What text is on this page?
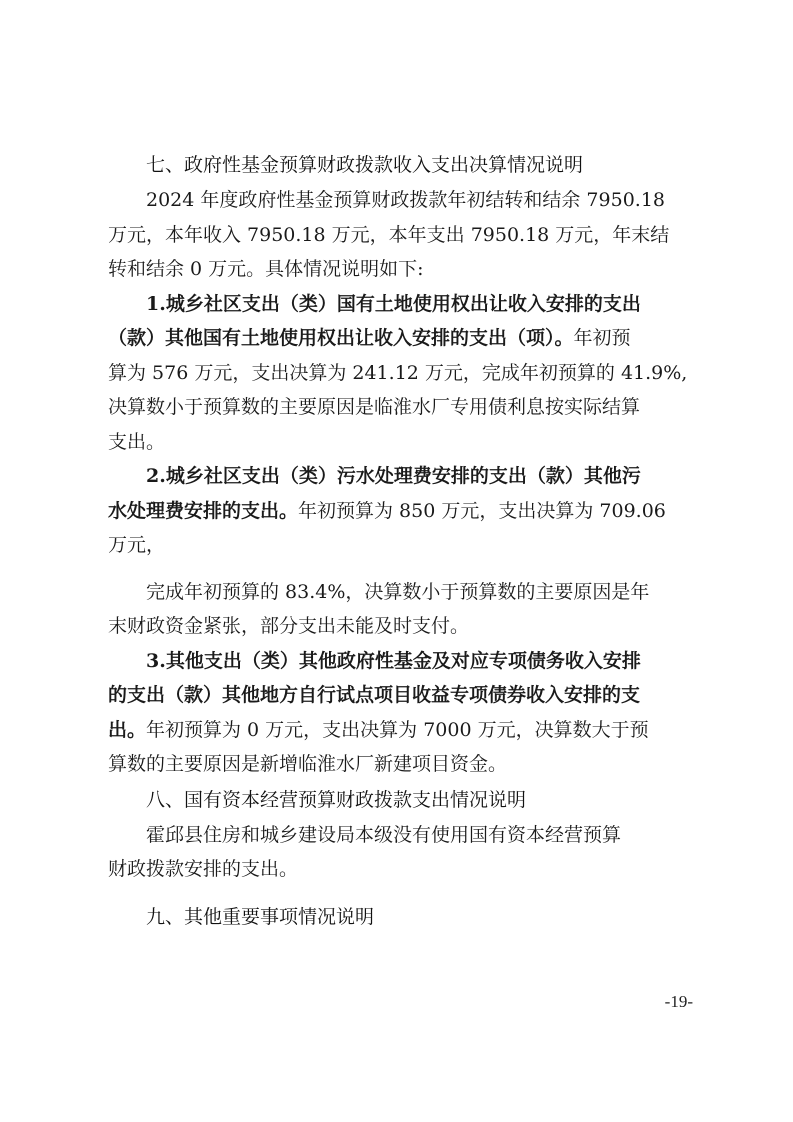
七、政府性基金预算财政拨款收入支出决算情况说明

2024 年度政府性基金预算财政拨款年初结转和结余 7950.18
万元，本年收入 7950.18 万元，本年支出 7950.18 万元，年末结
转和结余 0 万元。具体情况说明如下:

1.城乡社区支出（类）国有土地使用权出让收入安排的支出
（款）其他国有土地使用权出让收入安排的支出（项）。年初预
算为 576 万元，支出决算为 241.12 万元，完成年初预算的 41.9%,
决算数小于预算数的主要原因是临淮水厂专用债利息按实际结算
支出。

2.城乡社区支出（类）污水处理费安排的支出（款）其他污
水处理费安排的支出。年初预算为 850 万元，支出决算为 709.06
万元，

完成年初预算的 83.4%，决算数小于预算数的主要原因是年
末财政资金紧张，部分支出未能及时支付。

3.其他支出（类）其他政府性基金及对应专项债务收入安排
的支出（款）其他地方自行试点项目收益专项债券收入安排的支
出。年初预算为 0 万元，支出决算为 7000 万元，决算数大于预
算数的主要原因是新增临淮水厂新建项目资金。

八、国有资本经营预算财政拨款支出情况说明

霍邱县住房和城乡建设局本级没有使用国有资本经营预算
财政拨款安排的支出。

九、其他重要事项情况说明
-19-
